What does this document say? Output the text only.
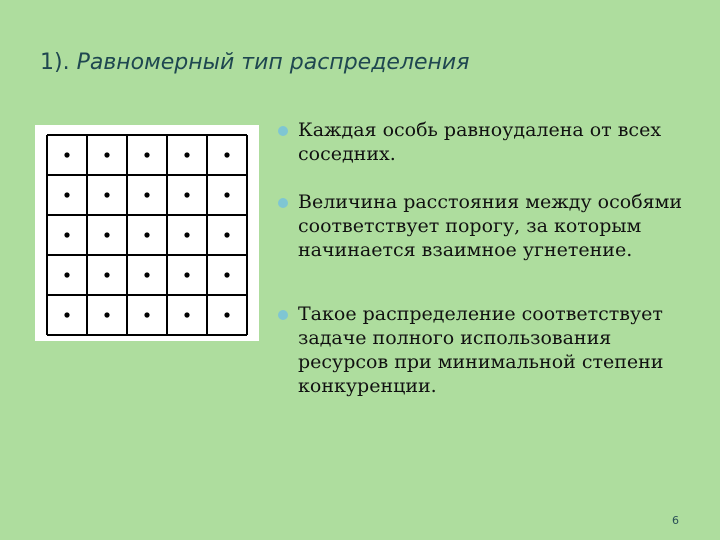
1). Равномерный тип распределения
Каждая особь равноудалена от всех соседних.
Величина расстояния между особями соответствует порогу, за которым начинается взаимное угнетение.
Такое распределение соответствует задаче полного использования ресурсов при минимальной степени конкуренции.
6
